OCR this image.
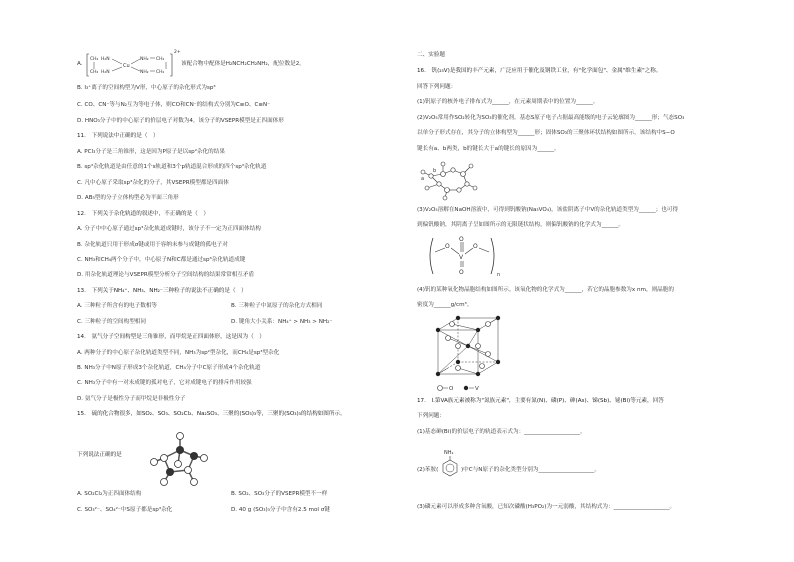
A.
CH₂ H₂N
CH₂ H₂N
Cu
NH₂ CH₂
NH₂ CH₂
2+
该配合物中配体是H₂NCH₂CH₂NH₂，配位数是2。
B. I₃⁺离子的空间构型为V形，中心原子的杂化形式为sp³
C. CO、CN⁻等与N₂互为等电子体，则CO和CN⁻的结构式分别为C≡O、C≡N⁻
D. HNO₃分子中的中心原子的价层电子对数为4，该分子的VSEPR模型是正四面体形
11.　下列说法中正确的是（　）
A. PCl₃分子是三角锥形，这是因为P原子是以sp²杂化的结果
B. sp³杂化轨道是由任意的1个s轨道和3个p轨道混合形成的四个sp³杂化轨道
C. 凡中心原子采取sp³杂化的分子，其VSEPR模型都是四面体
D. AB₃型的分子立体构型必为平面三角形
12.　下列关于杂化轨道的叙述中，不正确的是（　）
A. 分子中中心原子通过sp³杂化轨道成键时，该分子不一定为正四面体结构
B. 杂化轨道只用于形成σ键或用于容纳未参与成键的孤电子对
C. NH₃和CH₄两个分子中，中心原子N和C都是通过sp³杂化轨道成键
D. 用杂化轨道理论与VSEPR模型分析分子空间结构的结果常常相互矛盾
13.　下列关于NH₄⁺、NH₃、NH₂⁻三种粒子的说法不正确的是（　）
A. 三种粒子所含有的电子数相等	B. 三种粒子中氮原子的杂化方式相同
C. 三种粒子的空间构型相同	D. 键角大小关系：NH₄⁺ > NH₃ > NH₂⁻
14.　氨气分子空间构型是三角锥形，而甲烷是正四面体形，这是因为（　）
A. 两种分子的中心原子杂化轨道类型不同，NH₃为sp²型杂化，而CH₄是sp³型杂化
B. NH₃分子中N原子形成3个杂化轨道，CH₄分子中C原子形成4个杂化轨道
C. NH₃分子中有一对未成键的孤对电子，它对成键电子的排斥作用较强
D. 氨气分子是极性分子而甲烷是非极性分子
15.　硫的化合物很多，如SO₂、SO₃、SO₂Cl₂、Na₂SO₃、三聚的(SO₃)₃等，三聚的(SO₃)₃的结构如图所示。
下列说法正确的是
A. SO₂Cl₂为正四面体结构	B. SO₂、SO₃分子的VSEPR模型不一样
C. SO₃²⁻、SO₄²⁻中S原子都是sp³杂化	D. 40 g (SO₃)₃分子中含有2.5 mol σ键
二、实验题
16.　钒(₂₃V)是我国的丰产元素，广泛应用于催化及钢铁工业，有"化学面包"、金属"维生素"之称。
回答下列问题：
(1)钒原子的核外电子排布式为______，在元素周期表中的位置为______。
(2)V₂O₅常用作SO₂转化为SO₃的催化剂。基态S原子电子占据最高能级的电子云轮廓图为______形；气态SO₃
以单分子形式存在，其分子的立体构型为______形；固体SO₃的三聚体环状结构如图所示，该结构中S−O
键长有a、b两类，b的键长大于a的键长的原因为______。
a
b
(3)V₂O₅溶解在NaOH溶液中，可得到钒酸钠(Na₃VO₄)，该盐阴离子中V的杂化轨道类型为______；也可得
到偏钒酸钠，其阴离子呈如图所示的无限链状结构，则偏钒酸钠的化学式为______。
O
V
O
O
O	n
(4)钒的某种氧化物晶胞结构如图所示。该氧化物的化学式为______，若它的晶胞参数为x nm，则晶胞的
密度为______g/cm³。
O	V
17.　Ⅰ.第VA族元素被称为"氮族元素"，主要有氮(N)、磷(P)、砷(As)、锑(Sb)、铋(Bi)等元素，回答
下列问题：
(1)基态砷(Bi)的价层电子的轨道表示式为：____________________。
(2)苯胺(
NH₂
)中C与N原子的杂化类型分别为____________________。
(3)磷元素可以形成多种含氧酸，已知次磷酸(H₃PO₂)为一元弱酸，其结构式为：____________________。
